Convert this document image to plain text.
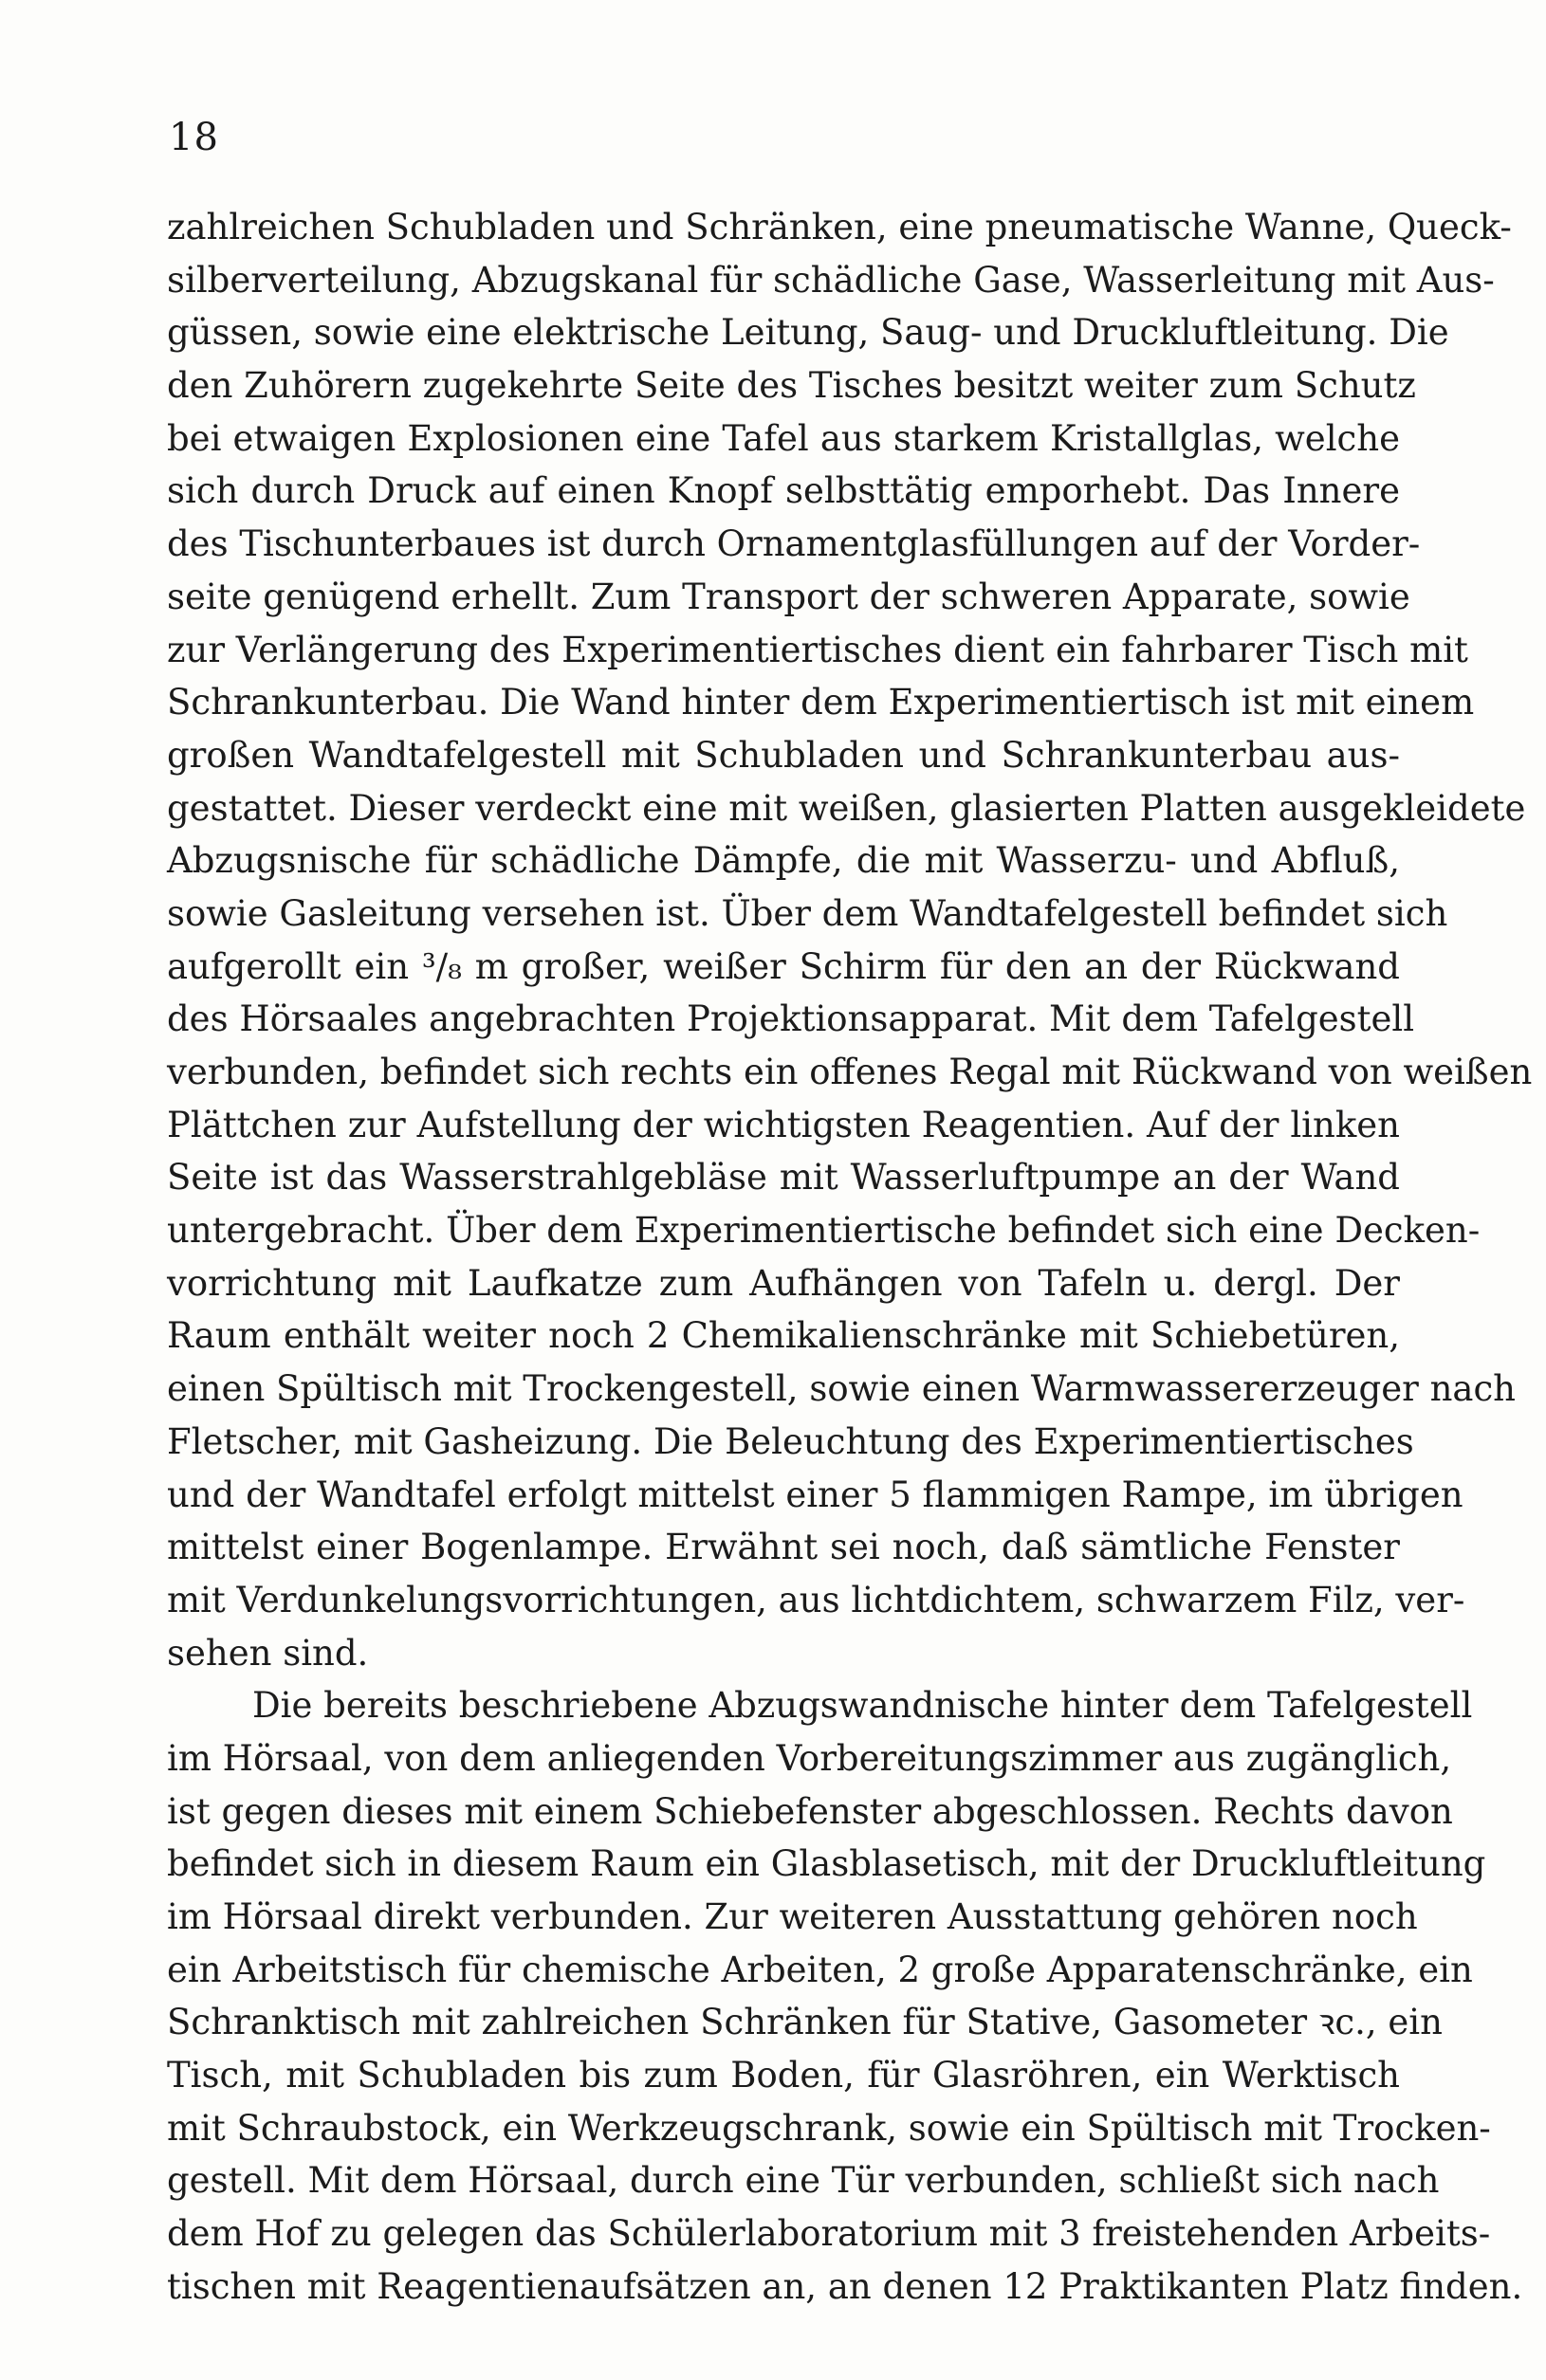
18
zahlreichen Schubladen und Schränken, eine pneumatische Wanne, Queck-
silberverteilung, Abzugskanal für schädliche Gase, Wasserleitung mit Aus-
güssen, sowie eine elektrische Leitung, Saug- und Druckluftleitung. Die
den Zuhörern zugekehrte Seite des Tisches besitzt weiter zum Schutz
bei etwaigen Explosionen eine Tafel aus starkem Kristallglas, welche
sich durch Druck auf einen Knopf selbsttätig emporhebt. Das Innere
des Tischunterbaues ist durch Ornamentglasfüllungen auf der Vorder-
seite genügend erhellt. Zum Transport der schweren Apparate, sowie
zur Verlängerung des Experimentiertisches dient ein fahrbarer Tisch mit
Schrankunterbau. Die Wand hinter dem Experimentiertisch ist mit einem
großen Wandtafelgestell mit Schubladen und Schrankunterbau aus-
gestattet. Dieser verdeckt eine mit weißen, glasierten Platten ausgekleidete
Abzugsnische für schädliche Dämpfe, die mit Wasserzu- und Abfluß,
sowie Gasleitung versehen ist. Über dem Wandtafelgestell befindet sich
aufgerollt ein ³/₈ m großer, weißer Schirm für den an der Rückwand
des Hörsaales angebrachten Projektionsapparat. Mit dem Tafelgestell
verbunden, befindet sich rechts ein offenes Regal mit Rückwand von weißen
Plättchen zur Aufstellung der wichtigsten Reagentien. Auf der linken
Seite ist das Wasserstrahlgebläse mit Wasserluftpumpe an der Wand
untergebracht. Über dem Experimentiertische befindet sich eine Decken-
vorrichtung mit Laufkatze zum Aufhängen von Tafeln u. dergl. Der
Raum enthält weiter noch 2 Chemikalienschränke mit Schiebetüren,
einen Spültisch mit Trockengestell, sowie einen Warmwassererzeuger nach
Fletscher, mit Gasheizung. Die Beleuchtung des Experimentiertisches
und der Wandtafel erfolgt mittelst einer 5 flammigen Rampe, im übrigen
mittelst einer Bogenlampe. Erwähnt sei noch, daß sämtliche Fenster
mit Verdunkelungsvorrichtungen, aus lichtdichtem, schwarzem Filz, ver-
sehen sind.
Die bereits beschriebene Abzugswandnische hinter dem Tafelgestell
im Hörsaal, von dem anliegenden Vorbereitungszimmer aus zugänglich,
ist gegen dieses mit einem Schiebefenster abgeschlossen. Rechts davon
befindet sich in diesem Raum ein Glasblasetisch, mit der Druckluftleitung
im Hörsaal direkt verbunden. Zur weiteren Ausstattung gehören noch
ein Arbeitstisch für chemische Arbeiten, 2 große Apparatenschränke, ein
Schranktisch mit zahlreichen Schränken für Stative, Gasometer ꝛc., ein
Tisch, mit Schubladen bis zum Boden, für Glasröhren, ein Werktisch
mit Schraubstock, ein Werkzeugschrank, sowie ein Spültisch mit Trocken-
gestell. Mit dem Hörsaal, durch eine Tür verbunden, schließt sich nach
dem Hof zu gelegen das Schülerlaboratorium mit 3 freistehenden Arbeits-
tischen mit Reagentienaufsätzen an, an denen 12 Praktikanten Platz finden.
